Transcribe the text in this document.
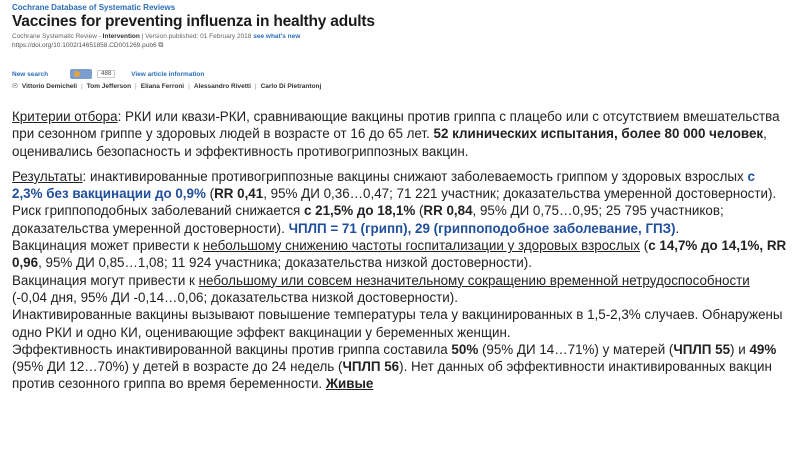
Cochrane Database of Systematic Reviews
Vaccines for preventing influenza in healthy adults
Cochrane Systematic Review - Intervention | Version published: 01 February 2018 see what's new
https://doi.org/10.1002/14651858.CD001269.pub6 ⧉
New search	488	View article information
✉ Vittorio Demicheli | Tom Jefferson | Eliana Ferroni | Alessandro Rivetti | Carlo Di Pietrantonj

Критерии отбора: РКИ или квази-РКИ, сравнивающие вакцины против гриппа с плацебо или с отсутствием вмешательства при сезонном гриппе у здоровых людей в возрасте от 16 до 65 лет. 52 клинических испытания, более 80 000 человек, оценивались безопасность и эффективность противогриппозных вакцин.

Результаты: инактивированные противогриппозные вакцины снижают заболеваемость гриппом у здоровых взрослых с 2,3% без вакцинации до 0,9% (RR 0,41, 95% ДИ 0,36…0,47; 71 221 участник; доказательства умеренной достоверности). Риск гриппоподобных заболеваний снижается с 21,5% до 18,1% (RR 0,84, 95% ДИ 0,75…0,95; 25 795 участников; доказательства умеренной достоверности). ЧПЛП = 71 (грипп), 29 (гриппоподобное заболевание, ГПЗ).

Вакцинация может привести к небольшому снижению частоты госпитализации у здоровых взрослых (с 14,7% до 14,1%, RR 0,96, 95% ДИ 0,85…1,08; 11 924 участника; доказательства низкой достоверности).

Вакцинация могут привести к небольшому или совсем незначительному сокращению временной нетрудоспособности (-0,04 дня, 95% ДИ -0,14…0,06; доказательства низкой достоверности).

Инактивированные вакцины вызывают повышение температуры тела у вакцинированных в 1,5-2,3% случаев. Обнаружены одно РКИ и одно КИ, оценивающие эффект вакцинации у беременных женщин.

Эффективность инактивированной вакцины против гриппа составила 50% (95% ДИ 14…71%) у матерей (ЧПЛП 55) и 49% (95% ДИ 12…70%) у детей в возрасте до 24 недель (ЧПЛП 56). Нет данных об эффективности инактивированных вакцин против сезонного гриппа во время беременности. Живые
